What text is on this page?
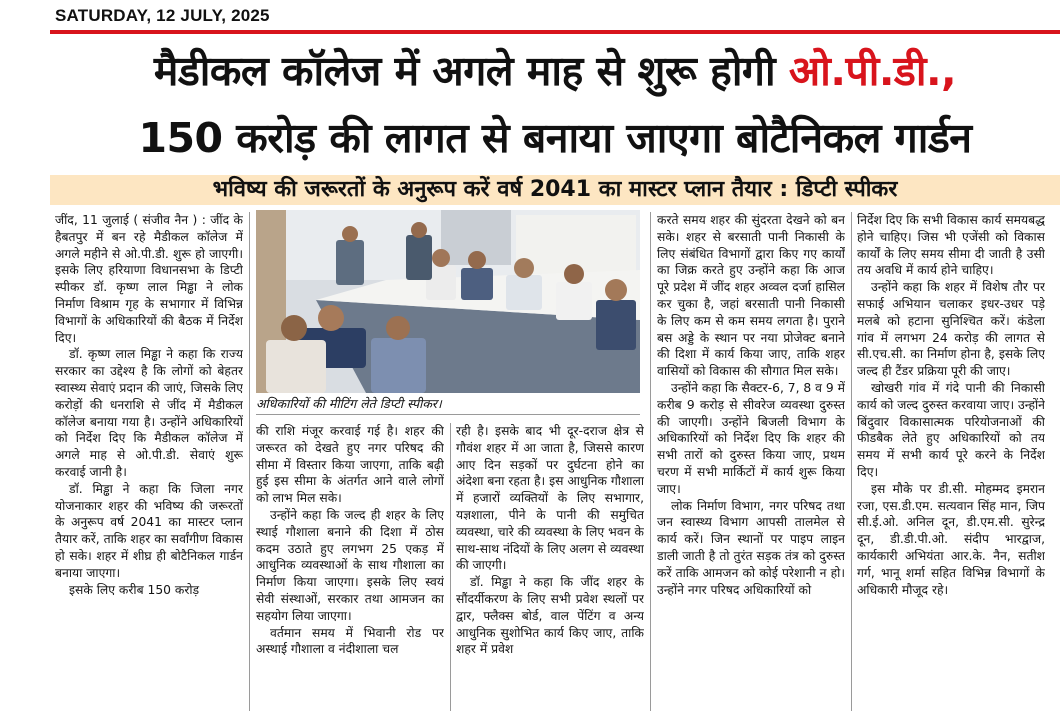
SATURDAY, 12 JULY, 2025
मैडीकल कॉलेज में अगले माह से शुरू होगी ओ.पी.डी.,
150 करोड़ की लागत से बनाया जाएगा बोटैनिकल गार्डन
भविष्य की जरूरतों के अनुरूप करें वर्ष 2041 का मास्टर प्लान तैयार : डिप्टी स्पीकर
अधिकारियों की मीटिंग लेते डिप्टी स्पीकर।

जींद, 11 जुलाई ( संजीव नैन ) : जींद के हैबतपुर में बन रहे मैडीकल कॉलेज में अगले महीने से ओ.पी.डी. शुरू हो जाएगी। इसके लिए हरियाणा विधानसभा के डिप्टी स्पीकर डॉ. कृष्ण लाल मिड्ढा ने लोक निर्माण विश्राम गृह के सभागार में विभिन्न विभागों के अधिकारियों की बैठक में निर्देश दिए।

डॉ. कृष्ण लाल मिड्ढा ने कहा कि राज्य सरकार का उद्देश्य है कि लोगों को बेहतर स्वास्थ्य सेवाएं प्रदान की जाएं, जिसके लिए करोड़ों की धनराशि से जींद में मैडीकल कॉलेज बनाया गया है। उन्होंने अधिकारियों को निर्देश दिए कि मैडीकल कॉलेज में अगले माह से ओ.पी.डी. सेवाएं शुरू करवाई जानी है।

डॉ. मिड्ढा ने कहा कि जिला नगर योजनाकार शहर की भविष्य की जरूरतों के अनुरूप वर्ष 2041 का मास्टर प्लान तैयार करें, ताकि शहर का सर्वांगीण विकास हो सके। शहर में शीघ्र ही बोटैनिकल गार्डन बनाया जाएगा।

इसके लिए करीब 150 करोड़

की राशि मंजूर करवाई गई है। शहर की जरूरत को देखते हुए नगर परिषद की सीमा में विस्तार किया जाएगा, ताकि बढ़ी हुई इस सीमा के अंतर्गत आने वाले लोगों को लाभ मिल सके।

उन्होंने कहा कि जल्द ही शहर के लिए स्थाई गौशाला बनाने की दिशा में ठोस कदम उठाते हुए लगभग 25 एकड़ में आधुनिक व्यवस्थाओं के साथ गौशाला का निर्माण किया जाएगा। इसके लिए स्वयं सेवी संस्थाओं, सरकार तथा आमजन का सहयोग लिया जाएगा।

वर्तमान समय में भिवानी रोड पर अस्थाई गौशाला व नंदीशाला चल

रही है। इसके बाद भी दूर-दराज क्षेत्र से गौवंश शहर में आ जाता है, जिससे कारण आए दिन सड़कों पर दुर्घटना होने का अंदेशा बना रहता है। इस आधुनिक गौशाला में हजारों व्यक्तियों के लिए सभागार, यज्ञशाला, पीने के पानी की समुचित व्यवस्था, चारे की व्यवस्था के लिए भवन के साथ-साथ नंदियों के लिए अलग से व्यवस्था की जाएगी।

डॉ. मिड्ढा ने कहा कि जींद शहर के सौंदर्यीकरण के लिए सभी प्रवेश स्थलों पर द्वार, फ्लैक्स बोर्ड, वाल पेंटिंग व अन्य आधुनिक सुशोभित कार्य किए जाए, ताकि शहर में प्रवेश

करते समय शहर की सुंदरता देखने को बन सके। शहर से बरसाती पानी निकासी के लिए संबंधित विभागों द्वारा किए गए कार्यों का जिक्र करते हुए उन्होंने कहा कि आज पूरे प्रदेश में जींद शहर अव्वल दर्जा हासिल कर चुका है, जहां बरसाती पानी निकासी के लिए कम से कम समय लगता है। पुराने बस अड्डे के स्थान पर नया प्रोजेक्ट बनाने की दिशा में कार्य किया जाए, ताकि शहर वासियों को विकास की सौगात मिल सके।

उन्होंने कहा कि सैक्टर-6, 7, 8 व 9 में करीब 9 करोड़ से सीवरेज व्यवस्था दुरुस्त की जाएगी। उन्होंने बिजली विभाग के अधिकारियों को निर्देश दिए कि शहर की सभी तारों को दुरुस्त किया जाए, प्रथम चरण में सभी मार्किटों में कार्य शुरू किया जाए।

लोक निर्माण विभाग, नगर परिषद तथा जन स्वास्थ्य विभाग आपसी तालमेल से कार्य करें। जिन स्थानों पर पाइप लाइन डाली जाती है तो तुरंत सड़क तंत्र को दुरुस्त करें ताकि आमजन को कोई परेशानी न हो। उन्होंने नगर परिषद अधिकारियों को

निर्देश दिए कि सभी विकास कार्य समयबद्ध होने चाहिए। जिस भी एजेंसी को विकास कार्यों के लिए समय सीमा दी जाती है उसी तय अवधि में कार्य होने चाहिए।

उन्होंने कहा कि शहर में विशेष तौर पर सफाई अभियान चलाकर इधर-उधर पड़े मलबे को हटाना सुनिश्चित करें। कंडेला गांव में लगभग 24 करोड़ की लागत से सी.एच.सी. का निर्माण होना है, इसके लिए जल्द ही टैंडर प्रक्रिया पूरी की जाए।

खोखरी गांव में गंदे पानी की निकासी कार्य को जल्द दुरुस्त करवाया जाए। उन्होंने बिंदुवार विकासात्मक परियोजनाओं की फीडबैक लेते हुए अधिकारियों को तय समय में सभी कार्य पूरे करने के निर्देश दिए।

इस मौके पर डी.सी. मोहम्मद इमरान रजा, एस.डी.एम. सत्यवान सिंह मान, जिप सी.ई.ओ. अनिल दून, डी.एम.सी. सुरेन्द्र दून, डी.डी.पी.ओ. संदीप भारद्वाज, कार्यकारी अभियंता आर.के. नैन, सतीश गर्ग, भानू शर्मा सहित विभिन्न विभागों के अधिकारी मौजूद रहे।
